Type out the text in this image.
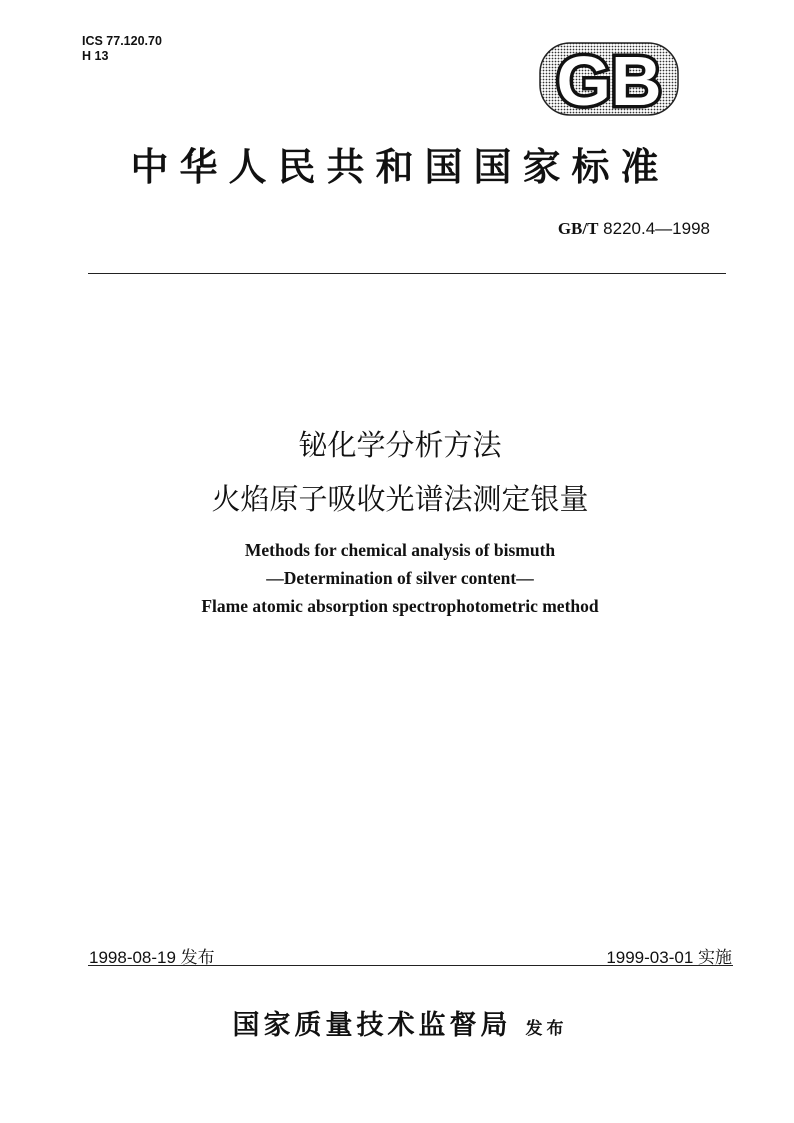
ICS 77.120.70
H 13	GB
中华人民共和国国家标准
GB/T 8220.4—1998
铋化学分析方法
火焰原子吸收光谱法测定银量
Methods for chemical analysis of bismuth
—Determination of silver content—
Flame atomic absorption spectrophotometric method
1998-08-19 发布	1999-03-01 实施
国家质量技术监督局 发布
